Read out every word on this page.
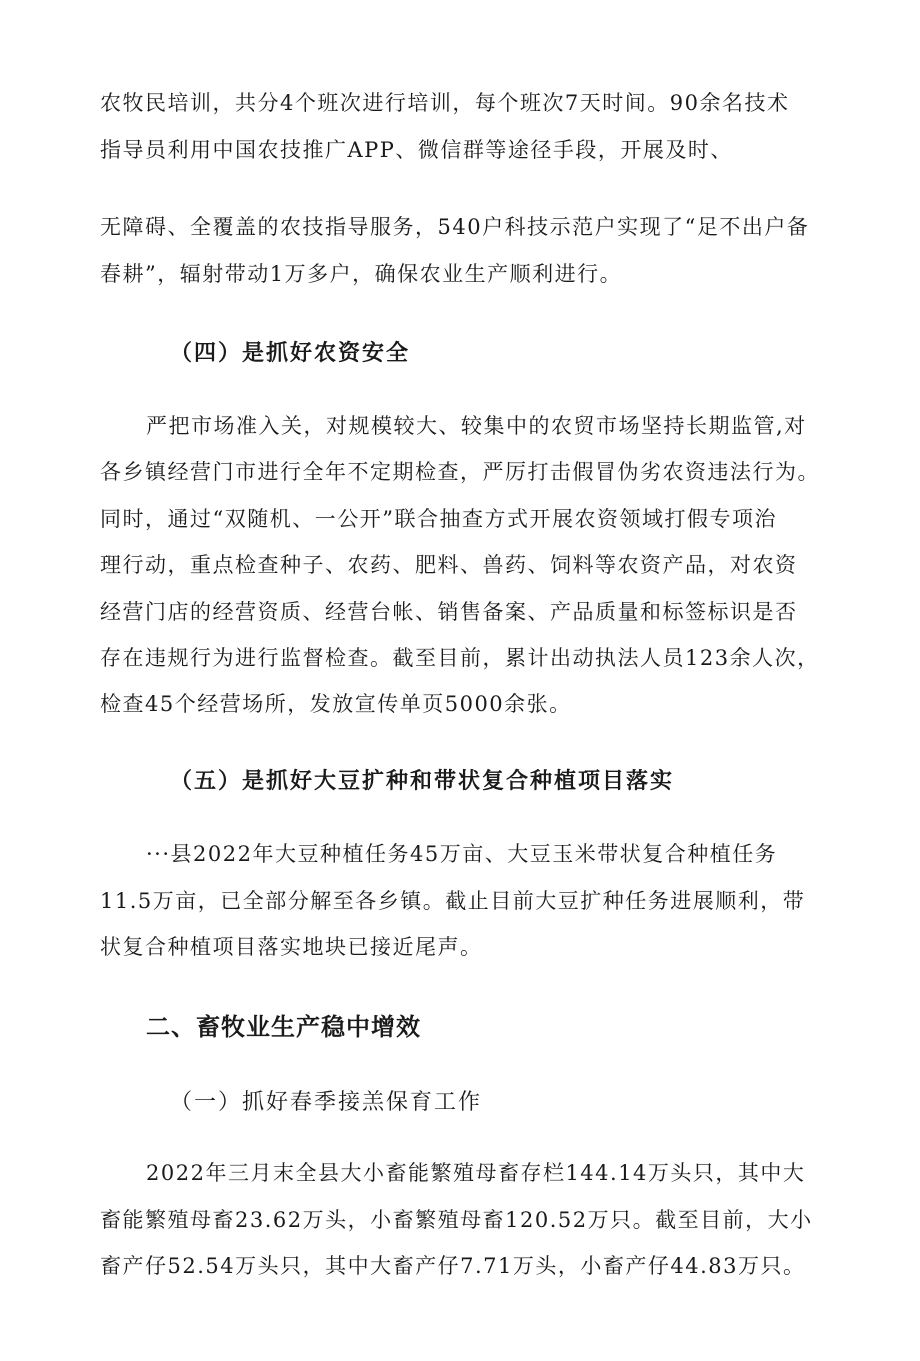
农牧民培训，共分4个班次进行培训，每个班次7天时间。90余名技术
指导员利用中国农技推广APP、微信群等途径手段，开展及时、
无障碍、全覆盖的农技指导服务，540户科技示范户实现了“足不出户备
春耕”，辐射带动1万多户，确保农业生产顺利进行。
（四）是抓好农资安全
严把市场准入关，对规模较大、较集中的农贸市场坚持长期监管,对
各乡镇经营门市进行全年不定期检查，严厉打击假冒伪劣农资违法行为。
同时，通过“双随机、一公开”联合抽查方式开展农资领域打假专项治
理行动，重点检查种子、农药、肥料、兽药、饲料等农资产品，对农资
经营门店的经营资质、经营台帐、销售备案、产品质量和标签标识是否
存在违规行为进行监督检查。截至目前，累计出动执法人员123余人次，
检查45个经营场所，发放宣传单页5000余张。
（五）是抓好大豆扩种和带状复合种植项目落实
···县2022年大豆种植任务45万亩、大豆玉米带状复合种植任务
11.5万亩，已全部分解至各乡镇。截止目前大豆扩种任务进展顺利，带
状复合种植项目落实地块已接近尾声。
二、畜牧业生产稳中增效
（一）抓好春季接羔保育工作
2022年三月末全县大小畜能繁殖母畜存栏144.14万头只，其中大
畜能繁殖母畜23.62万头，小畜繁殖母畜120.52万只。截至目前，大小
畜产仔52.54万头只，其中大畜产仔7.71万头，小畜产仔44.83万只。
